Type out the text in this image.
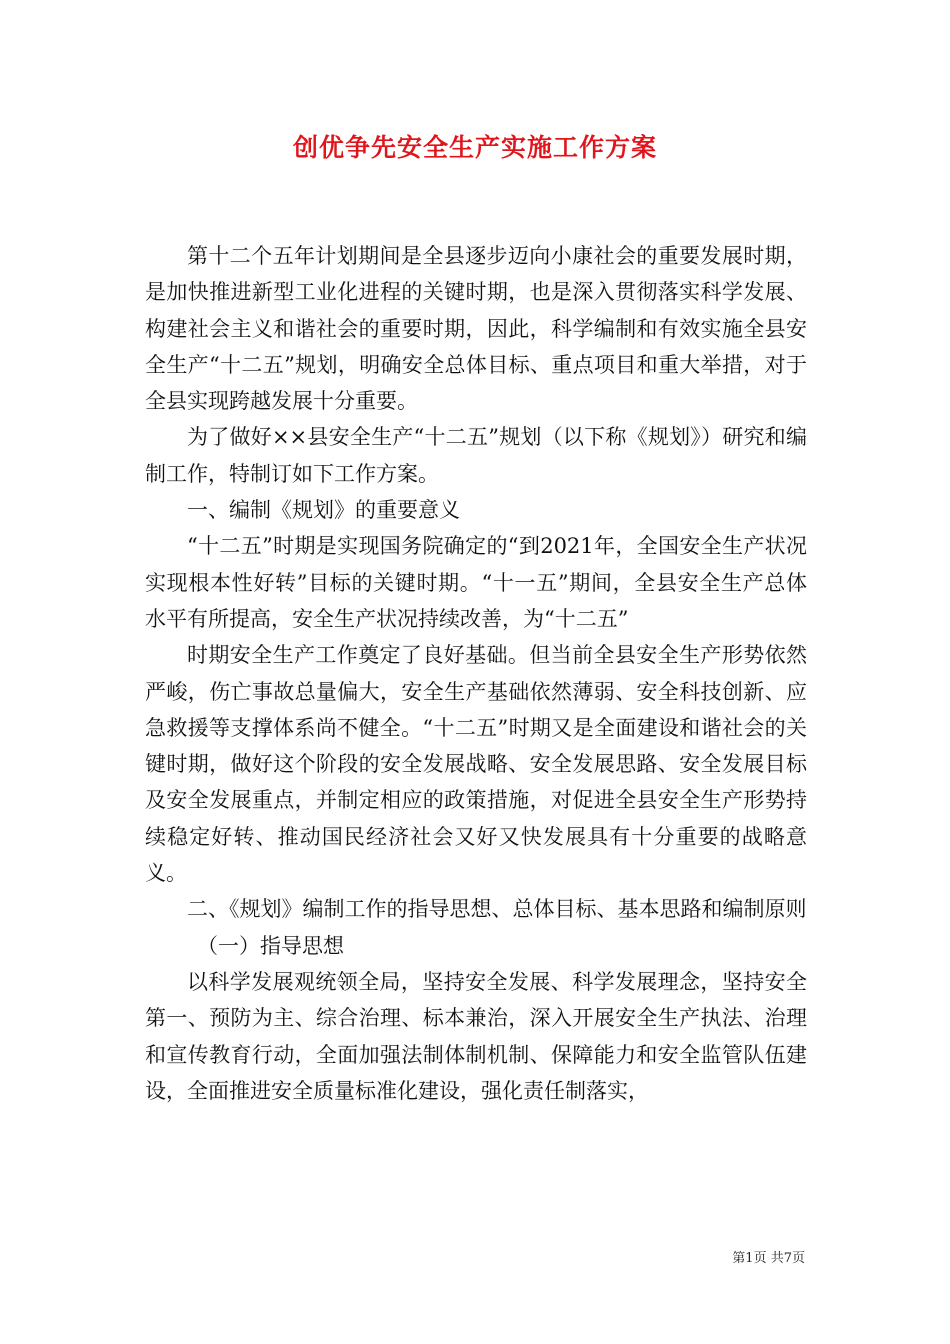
创优争先安全生产实施工作方案

第十二个五年计划期间是全县逐步迈向小康社会的重要发展时期，是加快推进新型工业化进程的关键时期，也是深入贯彻落实科学发展、构建社会主义和谐社会的重要时期，因此，科学编制和有效实施全县安全生产“十二五”规划，明确安全总体目标、重点项目和重大举措，对于全县实现跨越发展十分重要。

为了做好××县安全生产“十二五”规划（以下称《规划》）研究和编制工作，特制订如下工作方案。

一、编制《规划》的重要意义

“十二五”时期是实现国务院确定的“到2021年，全国安全生产状况实现根本性好转”目标的关键时期。“十一五”期间，全县安全生产总体水平有所提高，安全生产状况持续改善，为“十二五”

时期安全生产工作奠定了良好基础。但当前全县安全生产形势依然严峻，伤亡事故总量偏大，安全生产基础依然薄弱、安全科技创新、应急救援等支撑体系尚不健全。“十二五”时期又是全面建设和谐社会的关键时期，做好这个阶段的安全发展战略、安全发展思路、安全发展目标及安全发展重点，并制定相应的政策措施，对促进全县安全生产形势持续稳定好转、推动国民经济社会又好又快发展具有十分重要的战略意义。

二、《规划》编制工作的指导思想、总体目标、基本思路和编制原则

（一）指导思想

以科学发展观统领全局，坚持安全发展、科学发展理念，坚持安全第一、预防为主、综合治理、标本兼治，深入开展安全生产执法、治理和宣传教育行动，全面加强法制体制机制、保障能力和安全监管队伍建设，全面推进安全质量标准化建设，强化责任制落实，

第1页 共7页
